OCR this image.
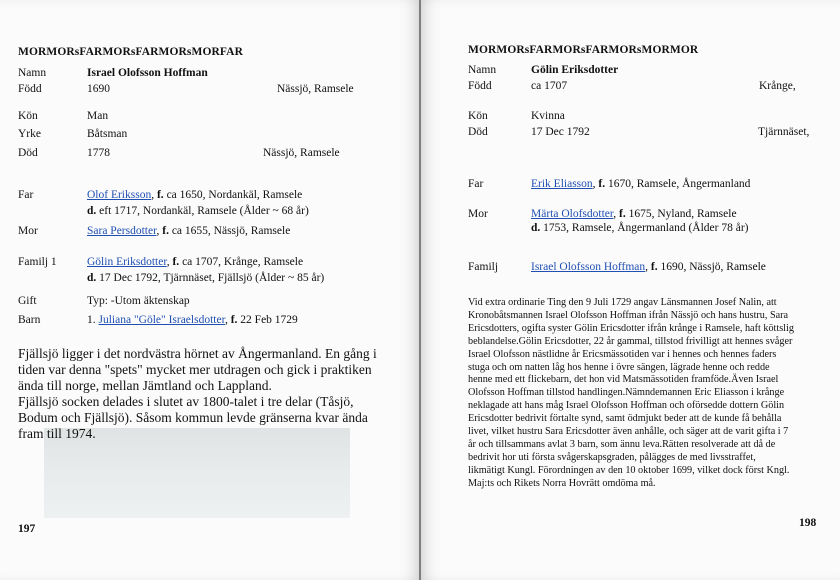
MORMORsFARMORsFARMORsMORFAR
Namn	Israel Olofsson Hoffman
Född	1690	Nässjö, Ramsele
Kön	Man
Yrke	Båtsman
Död	1778	Nässjö, Ramsele
Far	Olof Eriksson, f. ca 1650, Nordankäl, Ramsele
d. eft 1717, Nordankäl, Ramsele (Ålder ~ 68 år)
Mor	Sara Persdotter, f. ca 1655, Nässjö, Ramsele
Familj 1	Gölin Eriksdotter, f. ca 1707, Krånge, Ramsele
d. 17 Dec 1792, Tjärnnäset, Fjällsjö (Ålder ~ 85 år)
Gift	Typ: -Utom äktenskap
Barn	1. Juliana "Göle" Israelsdotter, f. 22 Feb 1729
Fjällsjö ligger i det nordvästra hörnet av Ångermanland. En gång i
tiden var denna "spets" mycket mer utdragen och gick i praktiken
ända till norge, mellan Jämtland och Lappland.
Fjällsjö socken delades i slutet av 1800-talet i tre delar (Tåsjö,
Bodum och Fjällsjö). Såsom kommun levde gränserna kvar ända
fram till 1974.
197
MORMORsFARMORsFARMORsMORMOR
Namn	Gölin Eriksdotter
Född	ca 1707	Krånge,
Kön	Kvinna
Död	17 Dec 1792	Tjärnnäset,
Far	Erik Eliasson, f. 1670, Ramsele, Ångermanland
Mor	Märta Olofsdotter, f. 1675, Nyland, Ramsele
d. 1753, Ramsele, Ångermanland (Ålder 78 år)
Familj	Israel Olofsson Hoffman, f. 1690, Nässjö, Ramsele
Vid extra ordinarie Ting den 9 Juli 1729 angav Länsmannen Josef Nalin, att
Kronobåtsmannen Israel Olofsson Hoffman ifrån Nässjö och hans hustru, Sara
Ericsdotters, ogifta syster Gölin Ericsdotter ifrån krånge i Ramsele, haft köttslig
beblandelse.Gölin Ericsdotter, 22 år gammal, tillstod frivilligt att hennes svåger
Israel Olofsson nästlidne år Ericsmässotiden var i hennes och hennes faders
stuga och om natten låg hos henne i övre sängen, lägrade henne och redde
henne med ett flickebarn, det hon vid Matsmässotiden framföde.Även Israel
Olofsson Hoffman tillstod handlingen.Nämndemannen Eric Eliasson i krånge
neklagade att hans måg Israel Olofsson Hoffman och oförsedde dottern Gölin
Ericsdotter bedrivit förtalte synd, samt ödmjukt beder att de kunde få behålla
livet, vilket hustru Sara Ericsdotter även anhålle, och säger att de varit gifta i 7
år och tillsammans avlat 3 barn, som ännu leva.Rätten resolverade att då de
bedrivit hor uti första svågerskapsgraden, pålägges de med livsstraffet,
likmätigt Kungl. Förordningen av den 10 oktober 1699, vilket dock först Kngl.
Maj:ts och Rikets Norra Hovrätt omdöma må.
198
